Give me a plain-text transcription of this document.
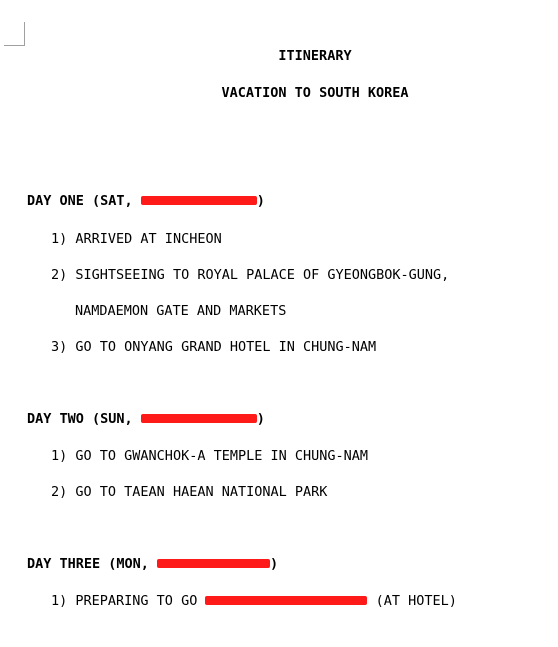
ITINERARY
VACATION TO SOUTH KOREA
DAY ONE (SAT,	)
1) ARRIVED AT INCHEON
2) SIGHTSEEING TO ROYAL PALACE OF GYEONGBOK-GUNG,
NAMDAEMON GATE AND MARKETS
3) GO TO ONYANG GRAND HOTEL IN CHUNG-NAM
DAY TWO (SUN,	)
1) GO TO GWANCHOK-A TEMPLE IN CHUNG-NAM
2) GO TO TAEAN HAEAN NATIONAL PARK
DAY THREE (MON,	)
1) PREPARING TO GO	(AT HOTEL)
